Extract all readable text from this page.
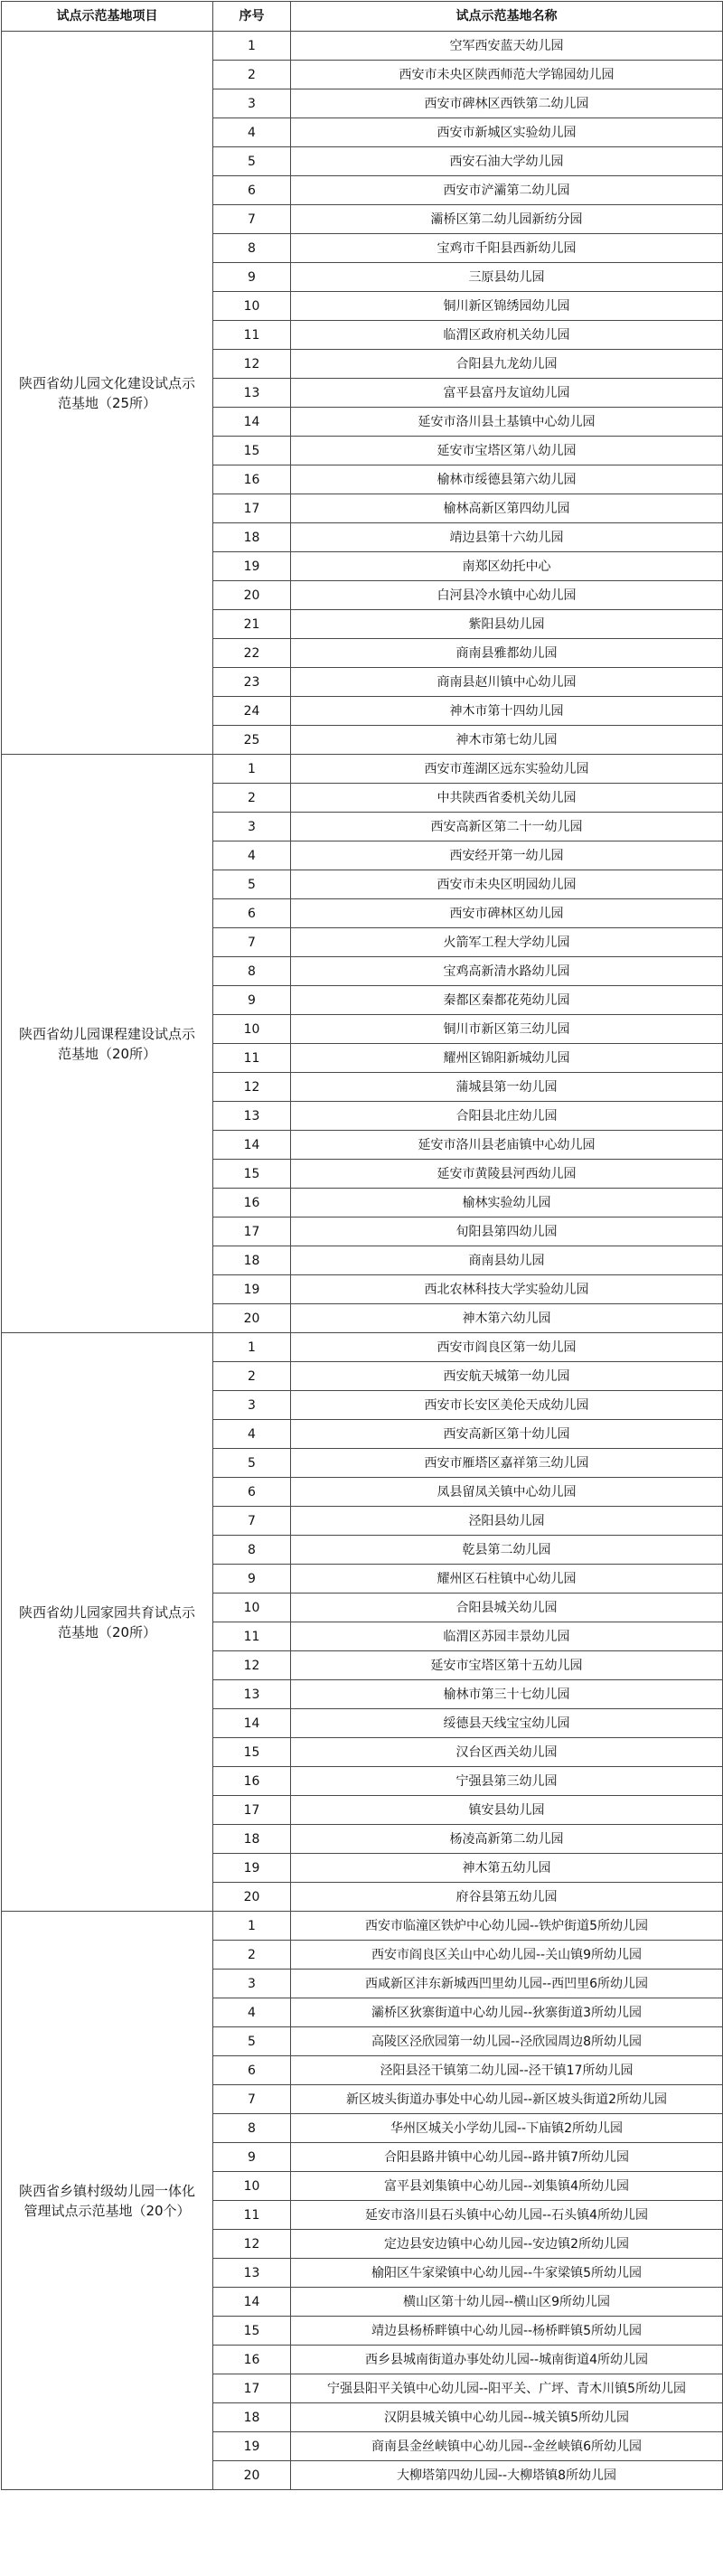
试点示范基地项目	序号	试点示范基地名称
陕西省幼儿园文化建设试点示范基地（25所）	1	空军西安蓝天幼儿园
	2	西安市未央区陕西师范大学锦园幼儿园
	3	西安市碑林区西铁第二幼儿园
	4	西安市新城区实验幼儿园
	5	西安石油大学幼儿园
	6	西安市浐灞第二幼儿园
	7	灞桥区第二幼儿园新纺分园
	8	宝鸡市千阳县西新幼儿园
	9	三原县幼儿园
	10	铜川新区锦绣园幼儿园
	11	临渭区政府机关幼儿园
	12	合阳县九龙幼儿园
	13	富平县富丹友谊幼儿园
	14	延安市洛川县土基镇中心幼儿园
	15	延安市宝塔区第八幼儿园
	16	榆林市绥德县第六幼儿园
	17	榆林高新区第四幼儿园
	18	靖边县第十六幼儿园
	19	南郑区幼托中心
	20	白河县冷水镇中心幼儿园
	21	紫阳县幼儿园
	22	商南县雅都幼儿园
	23	商南县赵川镇中心幼儿园
	24	神木市第十四幼儿园
	25	神木市第七幼儿园
陕西省幼儿园课程建设试点示范基地（20所）	1	西安市莲湖区远东实验幼儿园
	2	中共陕西省委机关幼儿园
	3	西安高新区第二十一幼儿园
	4	西安经开第一幼儿园
	5	西安市未央区明园幼儿园
	6	西安市碑林区幼儿园
	7	火箭军工程大学幼儿园
	8	宝鸡高新清水路幼儿园
	9	秦都区秦都花苑幼儿园
	10	铜川市新区第三幼儿园
	11	耀州区锦阳新城幼儿园
	12	蒲城县第一幼儿园
	13	合阳县北庄幼儿园
	14	延安市洛川县老庙镇中心幼儿园
	15	延安市黄陵县河西幼儿园
	16	榆林实验幼儿园
	17	旬阳县第四幼儿园
	18	商南县幼儿园
	19	西北农林科技大学实验幼儿园
	20	神木第六幼儿园
陕西省幼儿园家园共育试点示范基地（20所）	1	西安市阎良区第一幼儿园
	2	西安航天城第一幼儿园
	3	西安市长安区美伦天成幼儿园
	4	西安高新区第十幼儿园
	5	西安市雁塔区嘉祥第三幼儿园
	6	凤县留凤关镇中心幼儿园
	7	泾阳县幼儿园
	8	乾县第二幼儿园
	9	耀州区石柱镇中心幼儿园
	10	合阳县城关幼儿园
	11	临渭区苏园丰景幼儿园
	12	延安市宝塔区第十五幼儿园
	13	榆林市第三十七幼儿园
	14	绥德县天线宝宝幼儿园
	15	汉台区西关幼儿园
	16	宁强县第三幼儿园
	17	镇安县幼儿园
	18	杨凌高新第二幼儿园
	19	神木第五幼儿园
	20	府谷县第五幼儿园
陕西省乡镇村级幼儿园一体化管理试点示范基地（20个）	1	西安市临潼区铁炉中心幼儿园--铁炉街道5所幼儿园
	2	西安市阎良区关山中心幼儿园--关山镇9所幼儿园
	3	西咸新区沣东新城西凹里幼儿园--西凹里6所幼儿园
	4	灞桥区狄寨街道中心幼儿园--狄寨街道3所幼儿园
	5	高陵区泾欣园第一幼儿园--泾欣园周边8所幼儿园
	6	泾阳县泾干镇第二幼儿园--泾干镇17所幼儿园
	7	新区坡头街道办事处中心幼儿园--新区坡头街道2所幼儿园
	8	华州区城关小学幼儿园--下庙镇2所幼儿园
	9	合阳县路井镇中心幼儿园--路井镇7所幼儿园
	10	富平县刘集镇中心幼儿园--刘集镇4所幼儿园
	11	延安市洛川县石头镇中心幼儿园--石头镇4所幼儿园
	12	定边县安边镇中心幼儿园--安边镇2所幼儿园
	13	榆阳区牛家梁镇中心幼儿园--牛家梁镇5所幼儿园
	14	横山区第十幼儿园--横山区9所幼儿园
	15	靖边县杨桥畔镇中心幼儿园--杨桥畔镇5所幼儿园
	16	西乡县城南街道办事处幼儿园--城南街道4所幼儿园
	17	宁强县阳平关镇中心幼儿园--阳平关、广坪、青木川镇5所幼儿园
	18	汉阴县城关镇中心幼儿园--城关镇5所幼儿园
	19	商南县金丝峡镇中心幼儿园--金丝峡镇6所幼儿园
	20	大柳塔第四幼儿园--大柳塔镇8所幼儿园
